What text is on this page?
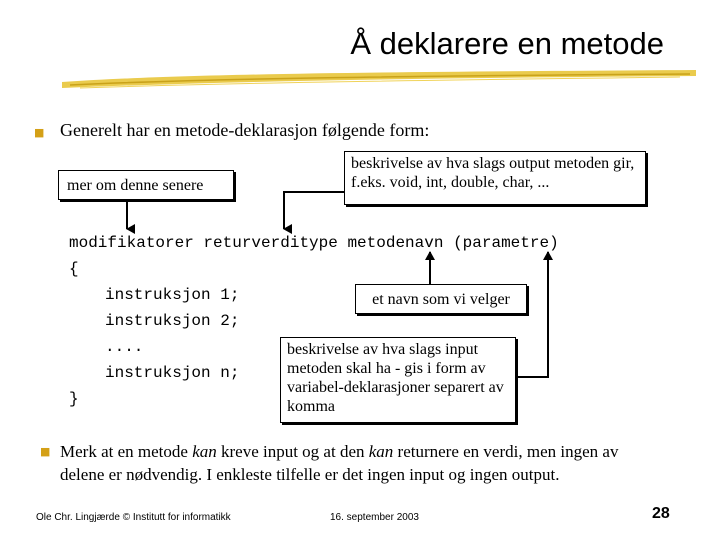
Å deklarere en metode
■ Generelt har en metode-deklarasjon følgende form:
mer om denne senere
beskrivelse av hva slags output metoden gir, f.eks. void, int, double, char, ...
modifikatorer returverditype metodenavn (parametre)
{
instruksjon 1;
instruksjon 2;
....
instruksjon n;
}
et navn som vi velger
beskrivelse av hva slags input metoden skal ha - gis i form av variabel-deklarasjoner separert av komma
■ Merk at en metode kan kreve input og at den kan returnere en verdi, men ingen av delene er nødvendig. I enkleste tilfelle er det ingen input og ingen output.
Ole Chr. Lingjærde © Institutt for informatikk	16. september 2003	28
